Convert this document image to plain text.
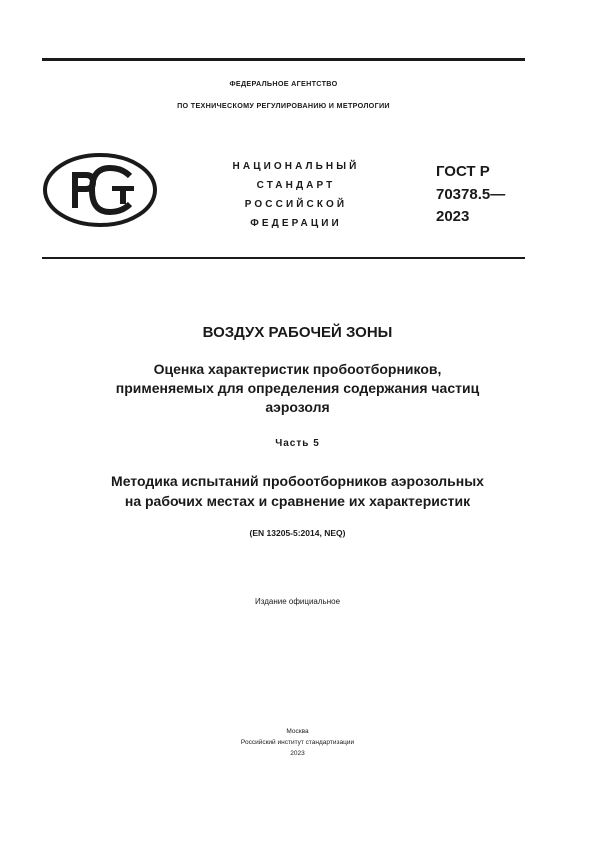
ФЕДЕРАЛЬНОЕ АГЕНТСТВО
ПО ТЕХНИЧЕСКОМУ РЕГУЛИРОВАНИЮ И МЕТРОЛОГИИ
НАЦИОНАЛЬНЫЙ
СТАНДАРТ
РОССИЙСКОЙ
ФЕДЕРАЦИИ
ГОСТ Р
70378.5—
2023
ВОЗДУХ РАБОЧЕЙ ЗОНЫ
Оценка характеристик пробоотборников,
применяемых для определения содержания частиц
аэрозоля
Часть 5
Методика испытаний пробоотборников аэрозольных
на рабочих местах и сравнение их характеристик
(EN 13205-5:2014, NEQ)
Издание официальное
Москва
Российский институт стандартизации
2023
